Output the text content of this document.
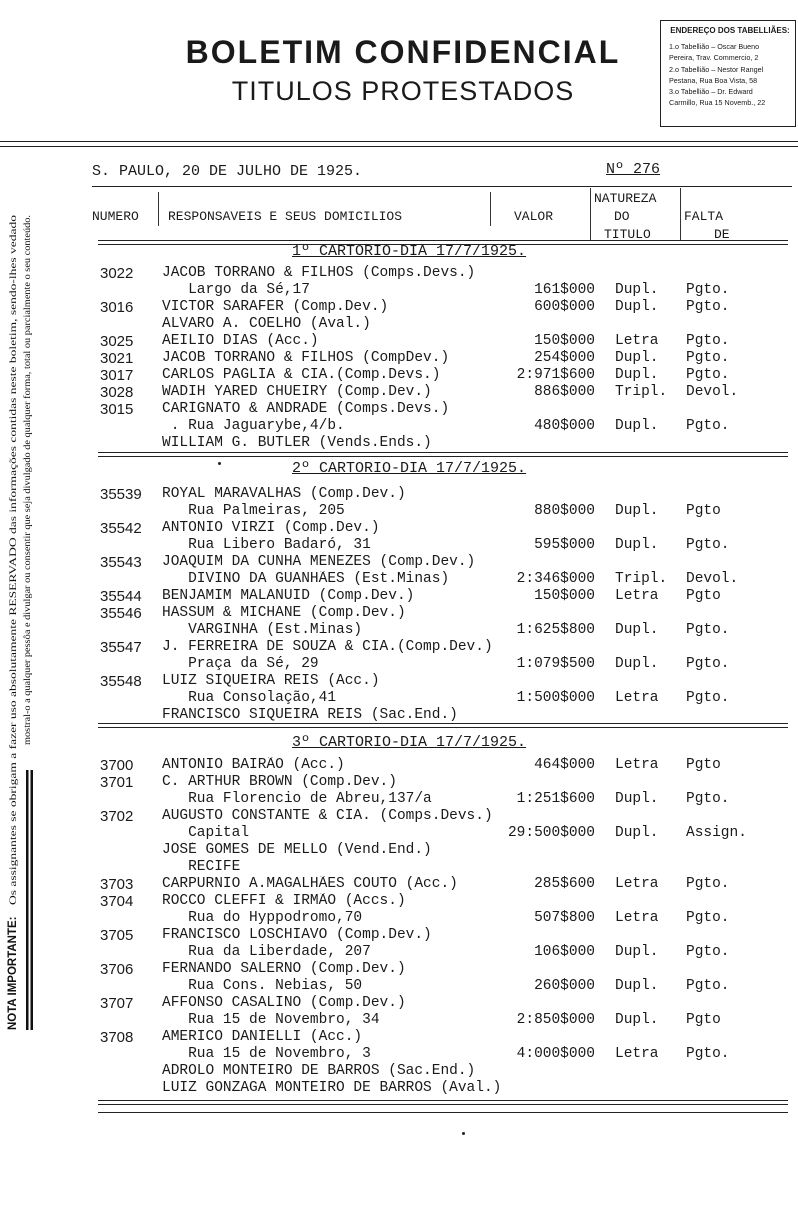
BOLETIM CONFIDENCIAL
TITULOS PROTESTADOS
ENDEREÇO DOS TABELLIÃES:
1.o Tabellião – Oscar Bueno
Pereira, Trav. Commercio, 2
2.o Tabellião – Nestor Rangel
Pestana, Rua Boa Vista, 58
3.o Tabellião – Dr. Edward
Carmillo, Rua 15 Novemb., 22
NOTA IMPORTANTE:
Os assignantes se obrigam a fazer uso absolutamente RESERVADO das informações contidas neste boletim, sendo-lhes vedado mostral-o a qualquer pessôa e divulgar ou consentir que seja divulgado de qualquer forma, total ou parcialmente o seu conteúdo.
S. PAULO, 20 DE JULHO DE 1925.	Nº 276
NUMERO RESPONSAVEIS E SEUS DOMICILIOS	VALOR
NATUREZA
DO
TITULO
FALTA
DE
1º CARTORIO-DIA 17/7/1925.
2º CARTORIO-DIA 17/7/1925.
3º CARTORIO-DIA 17/7/1925.
3022	JACOB TORRANO & FILHOS (Comps.Devs.)
Largo da Sé,17	161$000 Dupl.	Pgto.
3016	VICTOR SARAFER (Comp.Dev.)	600$000 Dupl.	Pgto.
ALVARO A. COELHO (Aval.)
3025	AEILIO DIAS (Acc.)	150$000 Letra	Pgto.
3021	JACOB TORRANO & FILHOS (CompDev.)	254$000 Dupl.	Pgto.
3017	CARLOS PAGLIA & CIA.(Comp.Devs.)	2:971$600 Dupl.	Pgto.
3028	WADIH YARED CHUEIRY (Comp.Dev.)	886$000 Tripl.	Devol.
3015	CARIGNATO & ANDRADE (Comps.Devs.)
. Rua Jaguarybe,4/b.	480$000 Dupl.	Pgto.
WILLIAM G. BUTLER (Vends.Ends.)
35539	ROYAL MARAVALHAS (Comp.Dev.)
Rua Palmeiras, 205	880$000 Dupl.	Pgto
35542	ANTONIO VIRZI (Comp.Dev.)
Rua Libero Badaró, 31	595$000 Dupl.	Pgto.
35543	JOAQUIM DA CUNHA MENEZES (Comp.Dev.)
DIVINO DA GUANHÃES (Est.Minas)	2:346$000 Tripl.	Devol.
35544	BENJAMIM MALANUID (Comp.Dev.)	150$000 Letra	Pgto
35546	HASSUM & MICHANE (Comp.Dev.)
VARGINHA (Est.Minas)	1:625$800 Dupl.	Pgto.
35547	J. FERREIRA DE SOUZA & CIA.(Comp.Dev.)
Praça da Sé, 29	1:079$500 Dupl.	Pgto.
35548	LUIZ SIQUEIRA REIS (Acc.)
Rua Consolação,41	1:500$000 Letra	Pgto.
FRANCISCO SIQUEIRA REIS (Sac.End.)
3700	ANTONIO BAIRÃO (Acc.)	464$000 Letra	Pgto
3701	C. ARTHUR BROWN (Comp.Dev.)
Rua Florencio de Abreu,137/a	1:251$600 Dupl.	Pgto.
3702	AUGUSTO CONSTANTE & CIA. (Comps.Devs.)
Capital	29:500$000 Dupl.	Assign.
JOSÉ GOMES DE MELLO (Vend.End.)
RECIFE
3703	CARPURNIO A.MAGALHÃES COUTO (Acc.)	285$600 Letra	Pgto.
3704	ROCCO CLEFFI & IRMÃO (Accs.)
Rua do Hyppodromo,70	507$800 Letra	Pgto.
3705	FRANCISCO LOSCHIAVO (Comp.Dev.)
Rua da Liberdade, 207	106$000 Dupl.	Pgto.
3706	FERNANDO SALERNO (Comp.Dev.)
Rua Cons. Nebias, 50	260$000 Dupl.	Pgto.
3707	AFFONSO CASALINO (Comp.Dev.)
Rua 15 de Novembro, 34	2:850$000 Dupl.	Pgto
3708	AMERICO DANIELLI (Acc.)
Rua 15 de Novembro, 3	4:000$000 Letra	Pgto.
ADROLO MONTEIRO DE BARROS (Sac.End.)
LUIZ GONZAGA MONTEIRO DE BARROS (Aval.)
